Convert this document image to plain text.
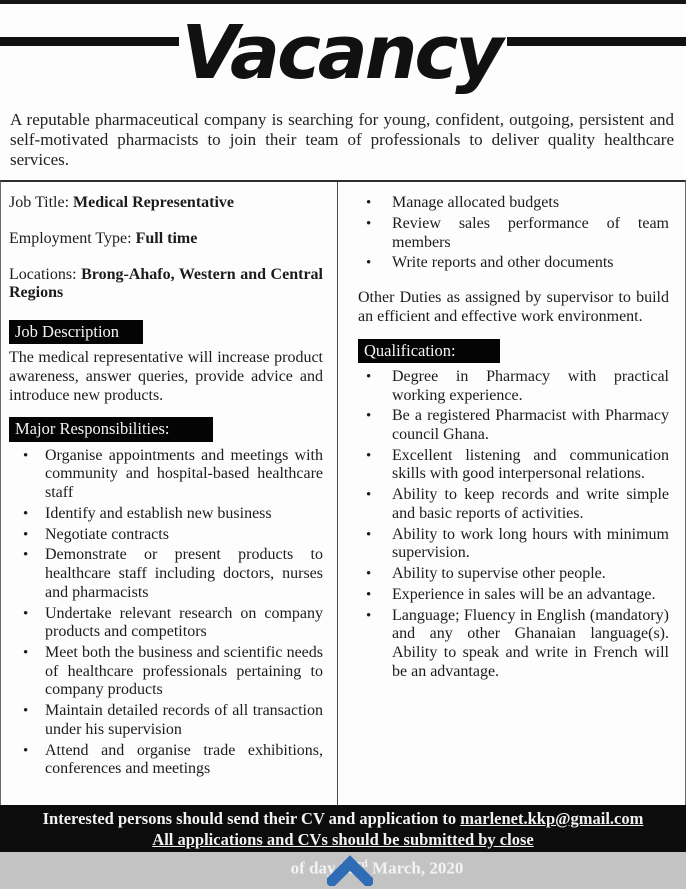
Vacancy

A reputable pharmaceutical company is searching for young, confident, outgoing, persistent and self-motivated pharmacists to join their team of professionals to deliver quality healthcare services.

Job Title: Medical Representative
Employment Type: Full time
Locations: Brong-Ahafo, Western and Central Regions
Job Description

The medical representative will increase product awareness, answer queries, provide advice and introduce new products.

Major Responsibilities:
•	Organise appointments and meetings with community and hospital-based healthcare staff
•	Identify and establish new business
•	Negotiate contracts
•	Demonstrate or present products to healthcare staff including doctors, nurses and pharmacists
•	Undertake relevant research on company products and competitors
•	Meet both the business and scientific needs of healthcare professionals pertaining to company products
•	Maintain detailed records of all transaction under his supervision
•	Attend and organise trade exhibitions, conferences and meetings
•	Manage allocated budgets
•	Review sales performance of team members
•	Write reports and other documents

Other Duties as assigned by supervisor to build an efficient and effective work environment.

Qualification:
•	Degree in Pharmacy with practical working experience.
•	Be a registered Pharmacist with Pharmacy council Ghana.
•	Excellent listening and communication skills with good interpersonal relations.
•	Ability to keep records and write simple and basic reports of activities.
•	Ability to work long hours with minimum supervision.
•	Ability to supervise other people.
•	Experience in sales will be an advantage.
•	Language; Fluency in English (mandatory) and any other Ghanaian language(s). Ability to speak and write in French will be an advantage.
Interested persons should send their CV and application to marlenet.kkp@gmail.com
All applications and CVs should be submitted by close
of day 23rd March, 2020
